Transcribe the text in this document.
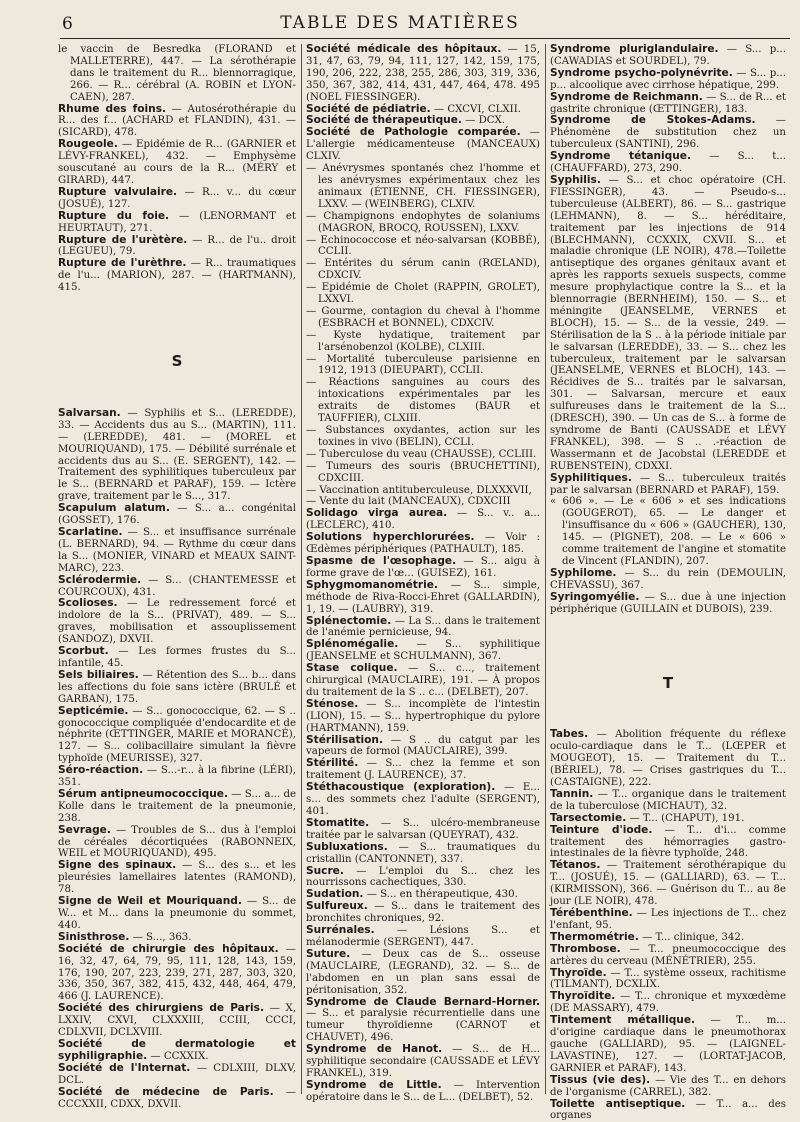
6	TABLE DES MATIÈRES

le vaccin de Besredka (FLORAND et MALLETERRE), 447. — La sérothérapie dans le traitement du R... blennorragique, 266. — R... cérébral (A. ROBIN et LYON-CAEN), 287.

Rhume des foins. — Autosérothérapie du R... des f... (ACHARD et FLANDIN), 431. — (SICARD), 478.

Rougeole. — Epidémie de R... (GARNIER et LÉVY-FRANKEL), 432. — Emphysème souscutané au cours de la R... (MÉRY et GIRARD), 447.

Rupture valvulaire. — R... v... du cœur (JOSUÉ), 127.

Rupture du foie. — (LENORMANT et HEURTAUT), 271.

Rupture de l'urètère. — R... de l'u.. droit (LEGUEU), 79.

Rupture de l'urèthre. — R... traumatiques de l'u... (MARION), 287. — (HARTMANN), 415.

S

Salvarsan. — Syphilis et S... (LEREDDE), 33. — Accidents dus au S... (MARTIN), 111. — (LEREDDE), 481. — (MOREL et MOURIQUAND), 175. — Débilité surrénale et accidents dus au S... (E. SERGENT), 142. — Traitement des syphilitiques tuberculeux par le S... (BERNARD et PARAF), 159. — Ictère grave, traitement par le S..., 317.

Scapulum alatum. — S... a... congénital (GOSSET), 176.

Scarlatine. — S... et insuffisance surrénale (L. BERNARD), 94. — Rythme du cœur dans la S... (MONIER, VINARD et MEAUX SAINT-MARC), 223.

Sclérodermie. — S... (CHANTEMESSE et COURCOUX), 431.

Scolioses. — Le redressement forcé et indolore de la S... (PRIVAT), 489. — S... graves, mobilisation et assouplissement (SANDOZ), DXVII.

Scorbut. — Les formes frustes du S... infantile, 45.

Sels biliaires. — Rétention des S... b... dans les affections du foie sans ictère (BRULÉ et GARBAN), 175.

Septicémie. — S... gonococcique, 62. — S .. gonococcique compliquée d'endocardite et de néphrite (ŒTTINGER, MARIE et MORANCÉ), 127. — S... colibacillaire simulant la fièvre typhoïde (MEURISSE), 327.

Séro-réaction. — S...-r... à la fibrine (LÉRI), 351.

Sérum antipneumococcique. — S... a... de Kolle dans le traitement de la pneumonie, 238.

Sevrage. — Troubles de S... dus à l'emploi de céréales décortiquées (RABONNEIX, WEIL et MOURIQUAND), 495.

Signe des spinaux. — S... des s... et les pleurésies lamellaires latentes (RAMOND), 78.

Signe de Weil et Mouriquand. — S... de W... et M... dans la pneumonie du sommet, 440.

Sinisthrose. — S..., 363.

Société de chirurgie des hôpitaux. — 16, 32, 47, 64, 79, 95, 111, 128, 143, 159, 176, 190, 207, 223, 239, 271, 287, 303, 320, 336, 350, 367, 382, 415, 432, 448, 464, 479, 466 (J. LAURENCE).

Société des chirurgiens de Paris. — X, LXXIV, CXVI, CLXXXIII, CCIII, CCCI, CDLXVII, DCLXVIII.

Société de dermatologie et syphiligraphie. — CCXXIX.

Société de l'Internat. — CDLXIII, DLXV, DCL.

Société de médecine de Paris. — CCCXXII, CDXX, DXVII.

Société médicale des hôpitaux. — 15, 31, 47, 63, 79, 94, 111, 127, 142, 159, 175, 190, 206, 222, 238, 255, 286, 303, 319, 336, 350, 367, 382, 414, 431, 447, 464, 478. 495 (NOEL FIESSINGER).

Société de pédiatrie. — CXCVI, CLXII.

Société de thérapeutique. — DCX.

Société de Pathologie comparée. — L'allergie médicamenteuse (MANCEAUX) CLXIV.

— Anévrysmes spontanés chez l'homme et les anévrysmes expérimentaux chez les animaux (ÉTIENNE, CH. FIESSINGER), LXXV. — (WEINBERG), CLXIV.

— Champignons endophytes de solaniums (MAGRON, BROCQ, ROUSSEN), LXXV.

— Echinococcose et néo-salvarsan (KOBBÉ), CCLII.

— Entérites du sérum canin (RŒLAND), CDXCIV.

— Epidémie de Cholet (RAPPIN, GROLET), LXXVI.

— Gourme, contagion du cheval à l'homme (ESBRACH et BONNEL), CDXCIV.

— Kyste hydatique, traitement par l'arsénobenzol (KOLBE), CLXIII.

— Mortalité tuberculeuse parisienne en 1912, 1913 (DIEUPART), CCLII.

— Réactions sanguines au cours des intoxications expérimentales par les extraits de distomes (BAUR et TAUFFIER), CLXIII.

— Substances oxydantes, action sur les toxines in vivo (BELIN), CCLI.

— Tuberculose du veau (CHAUSSE), CCLIII.

— Tumeurs des souris (BRUCHETTINI), CDXCIII.

— Vaccination antituberculeuse, DLXXXVII,

— Vente du lait (MANCEAUX), CDXCIII

Solidago virga aurea. — S... v.. a... (LECLERC), 410.

Solutions hyperchlorurées. — Voir : Œdèmes périphériques (PATHAULT), 185.

Spasme de l'œsophage. — S... aigu à forme grave de l'œ... (GUISEZ), 161.

Sphygmomanométrie. — S... simple, méthode de Riva-Rocci-Ehret (GALLARDIN), 1, 19. — (LAUBRY), 319.

Splénectomie. — La S... dans le traitement de l'anémie pernicieuse, 94.

Splénomégalie. — S... syphilitique (JEANSELME et SCHULMANN), 367.

Stase colique. — S... c..., traitement chirurgical (MAUCLAIRE), 191. — À propos du traitement de la S .. c... (DELBET), 207.

Sténose. — S... incomplète de l'intestin (LION), 15. — S... hypertrophique du pylore (HARTMANN), 159.

Stérilisation. — S .. du catgut par les vapeurs de formol (MAUCLAIRE), 399.

Stérilité. — S... chez la femme et son traitement (J. LAURENCE), 37.

Stéthacoustique (exploration). — E... s... des sommets chez l'adulte (SERGENT), 401.

Stomatite. — S... ulcéro-membraneuse traitée par le salvarsan (QUEYRAT), 432.

Subluxations. — S... traumatiques du cristallin (CANTONNET), 337.

Sucre. — L'emploi du S... chez les nourrissons cachectiques, 330.

Sudation. — S... en thérapeutique, 430.

Sulfureux. — S... dans le traitement des bronchites chroniques, 92.

Surrénales. — Lésions S... et mélanodermie (SERGENT), 447.

Suture. — Deux cas de S... osseuse (MAUCLAIRE, (LEGRAND), 32. — S... de l'abdomen en un plan sans essai de péritonisation, 352.

Syndrome de Claude Bernard-Horner. — S... et paralysie récurrentielle dans une tumeur thyroïdienne (CARNOT et CHAUVET), 496.

Syndrome de Hanot. — S... de H... syphilitique secondaire (CAUSSADE et LÉVY FRANKEL), 319.

Syndrome de Little. — Intervention opératoire dans le S... de L... (DELBET), 52.

Syndrome pluriglandulaire. — S... p... (CAWADIAS et SOURDEL), 79.

Syndrome psycho-polynévrite. — S... p... p... alcoolique avec cirrhose hépatique, 299.

Syndrome de Reichmann. — S... de R... et gastrite chronique (ŒTTINGER), 183.

Syndrome de Stokes-Adams. — Phénomène de substitution chez un tuberculeux (SANTINI), 296.

Syndrome tétanique. — S... t... (CHAUFFARD), 273, 290.

Syphilis. — S... et choc opératoire (CH. FIESSINGER), 43. — Pseudo-s... tuberculeuse (ALBERT), 86. — S... gastrique (LEHMANN), 8. — S... héréditaire, traitement par les injections de 914 (BLECHMANN), CCXXIX, CXVII. S... et maladie chronique (LE NOIR), 478.—Toilette antiseptique des organes génitaux avant et après les rapports sexuels suspects, comme mesure prophylactique contre la S... et la blennorragie (BERNHEIM), 150. — S... et méningite (JEANSELME, VERNES et BLOCH), 15. — S... de la vessie, 249. — Stérilisation de la S .. à la période initiale par le salvarsan (LEREDDE), 33. — S... chez les tuberculeux, traitement par le salvarsan (JEANSELME, VERNES et BLOCH), 143. — Récidives de S... traités par le salvarsan, 301. — Salvarsan, mercure et eaux sulfureuses dans le traitement de la S... (DRESCH), 390. — Un cas de S... à forme de syndrome de Banti (CAUSSADE et LÉVY FRANKEL), 398. — S .. .-réaction de Wassermann et de Jacobstal (LEREDDE et RUBENSTEIN), CDXXI.

Syphilitiques. — S... tuberculeux traités par le salvarsan (BERNARD et PARAF), 159.

« 606 ». — Le « 606 » et ses indications (GOUGEROT), 65. — Le danger et l'insuffisance du « 606 » (GAUCHER), 130, 145. — (PIGNET), 208. — Le « 606 » comme traitement de l'angine et stomatite de Vincent (FLANDIN), 207.

Syphilome. — S... du rein (DEMOULIN, CHEVASSU), 367.

Syringomyélie. — S... due à une injection périphérique (GUILLAIN et DUBOIS), 239.

T

Tabes. — Abolition fréquente du réflexe oculo-cardiaque dans le T... (LŒPER et MOUGEOT), 15. — Traitement du T... (BÉRIEL), 78. — Crises gastriques du T... (CASTAIGNE), 222.

Tannin. — T... organique dans le traitement de la tuberculose (MICHAUT), 32.

Tarsectomie. — T... (CHAPUT), 191.

Teinture d'iode. — T... d'i... comme traitement des hémorragies gastro-intestinales de la fièvre typhoïde, 248.

Tétanos. — Traitement sérothérapique du T... (JOSUÉ), 15. — (GALLIARD), 63. — T... (KIRMISSON), 366. — Guérison du T... au 8e jour (LE NOIR), 478.

Térébenthine. — Les injections de T... chez l'enfant, 95.

Thermométrie. — T... clinique, 342.

Thrombose. — T... pneumococcique des artères du cerveau (MÉNÉTRIER), 255.

Thyroïde. — T... système osseux, rachitisme (TILMANT), DCXLIX.

Thyroïdite. — T... chronique et myxœdème (DE MASSARY), 479.

Tintement métallique. — T... m... d'origine cardiaque dans le pneumothorax gauche (GALLIARD), 95. — (LAIGNEL-LAVASTINE), 127. — (LORTAT-JACOB, GARNIER et PARAF), 143.

Tissus (vie des). — Vie des T... en dehors de l'organisme (CARREL), 382.

Toilette antiseptique. — T... a... des organes
